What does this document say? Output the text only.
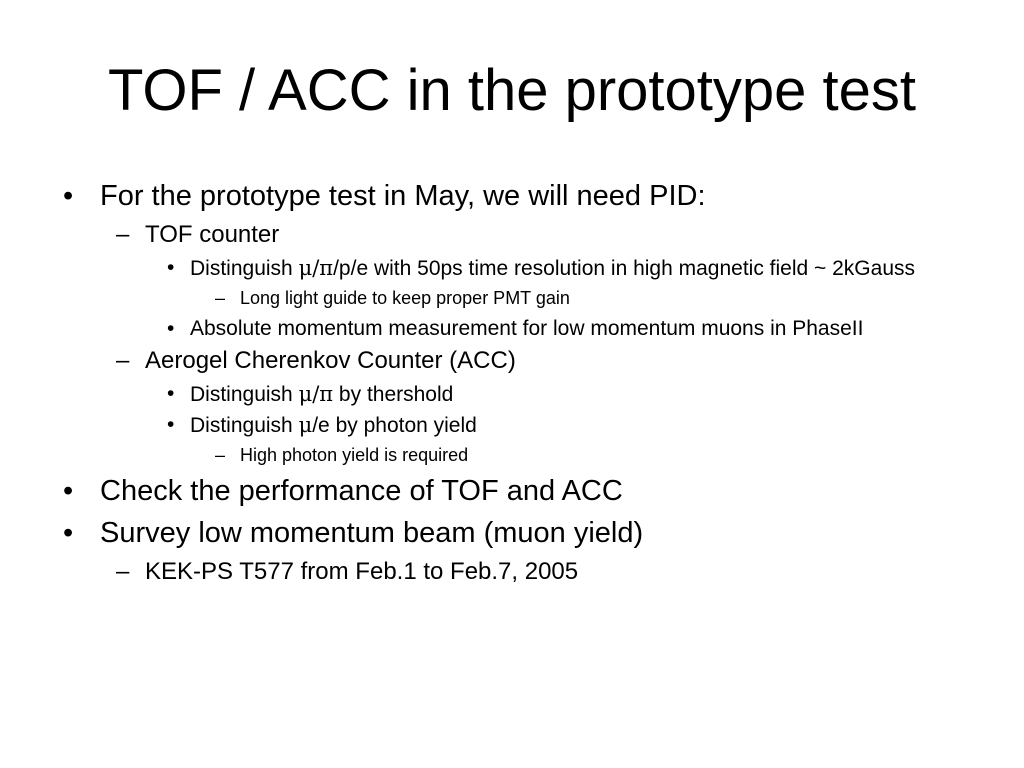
TOF / ACC in the prototype test
• For the prototype test in May, we will need PID:
– TOF counter
• Distinguish μ/π/p/e with 50ps time resolution in high magnetic field ~ 2kGauss
– Long light guide to keep proper PMT gain
• Absolute momentum measurement for low momentum muons in PhaseII
– Aerogel Cherenkov Counter (ACC)
• Distinguish μ/π by thershold
• Distinguish μ/e by photon yield
– High photon yield is required
• Check the performance of TOF and ACC
• Survey low momentum beam (muon yield)
– KEK-PS T577 from Feb.1 to Feb.7, 2005
